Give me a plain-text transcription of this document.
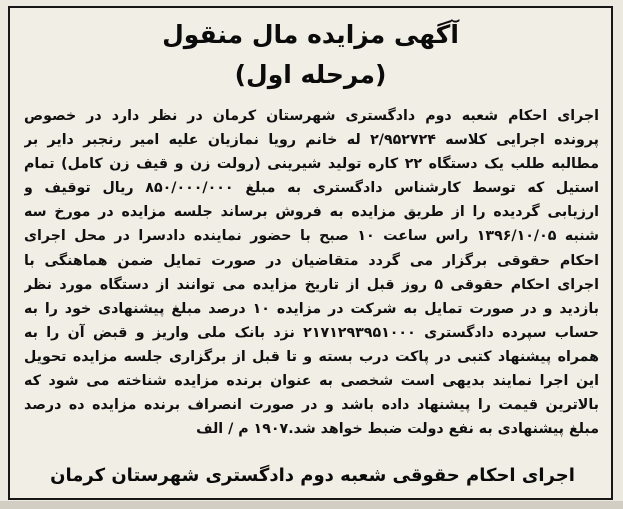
آگهی مزایده مال منقول
(مرحله اول)
اجرای احکام شعبه دوم دادگستری شهرستان کرمان در نظر دارد در خصوص
پرونده اجرایی کلاسه ۲/۹۵۲۷۲۴ له خانم رویا نمازیان علیه امیر رنجبر دایر بر
مطالبه طلب یک دستگاه ۲۲ کاره تولید شیرینی (رولت زن و قیف زن کامل) تمام
استیل که توسط کارشناس دادگستری به مبلغ ۸۵۰/۰۰۰/۰۰۰ ریال توقیف و
ارزیابی گردیده را از طریق مزایده به فروش برساند جلسه مزایده در مورخ سه
شنبه ۱۳۹۶/۱۰/۰۵ راس ساعت ۱۰ صبح با حضور نماینده دادسرا در محل اجرای
احکام حقوقی برگزار می گردد متقاضیان در صورت تمایل ضمن هماهنگی با
اجرای احکام حقوقی ۵ روز قبل از تاریخ مزایده می توانند از دستگاه مورد نظر
بازدید و در صورت تمایل به شرکت در مزایده ۱۰ درصد مبلغ پیشنهادی خود را به
حساب سپرده دادگستری ۲۱۷۱۲۹۳۹۵۱۰۰۰ نزد بانک ملی واریز و قبض آن را به
همراه پیشنهاد کتبی در پاکت درب بسته و تا قبل از برگزاری جلسه مزایده تحویل
این اجرا نمایند بدیهی است شخصی به عنوان برنده مزایده شناخته می شود که
بالاترین قیمت را پیشنهاد داده باشد و در صورت انصراف برنده مزایده ده درصد
مبلغ پیشنهادی به نفع دولت ضبط خواهد شد.۱۹۰۷ م / الف
اجرای احکام حقوقی شعبه دوم دادگستری شهرستان کرمان
